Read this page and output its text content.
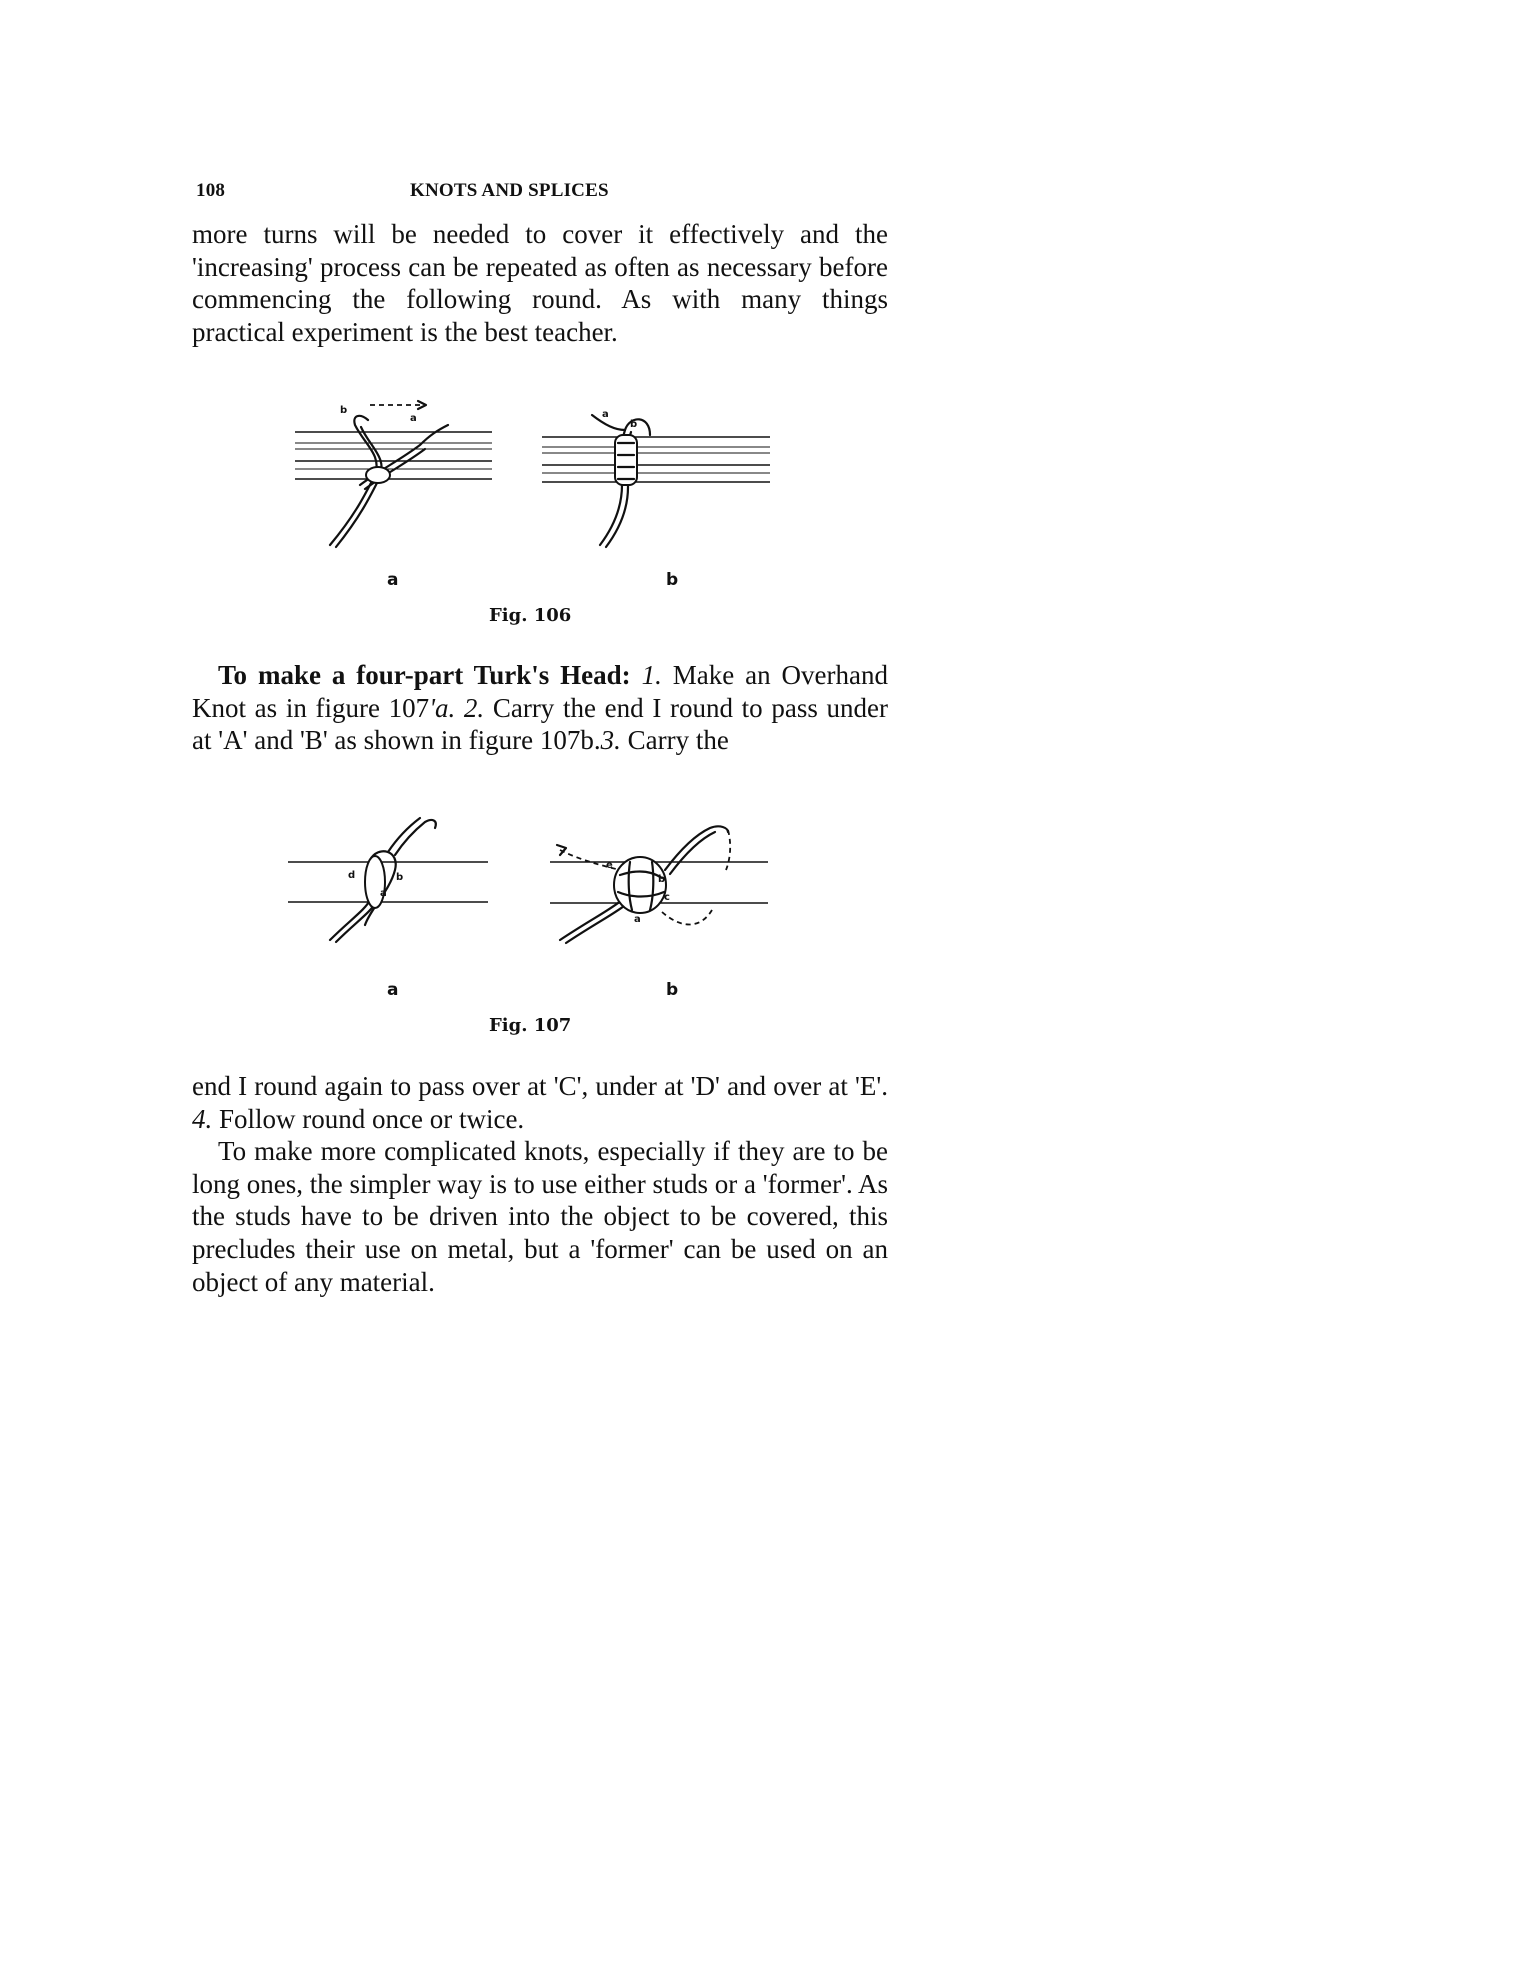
108	KNOTS AND SPLICES

more turns will be needed to cover it effectively and the 'increasing' process can be repeated as often as necessary before commencing the following round. As with many things practical experiment is the best teacher.

b
a	a
b
a	b
Fig. 106

To make a four-part Turk's Head: 1. Make an Overhand Knot as in figure 107'a. 2. Carry the end I round to pass under at 'A' and 'B' as shown in figure 107b.3. Carry the

d	b
a
e
b
a
c
a	b
Fig. 107

end I round again to pass over at 'C', under at 'D' and over at 'E'. 4. Follow round once or twice.

To make more complicated knots, especially if they are to be long ones, the simpler way is to use either studs or a 'former'. As the studs have to be driven into the object to be covered, this precludes their use on metal, but a 'former' can be used on an object of any material.
